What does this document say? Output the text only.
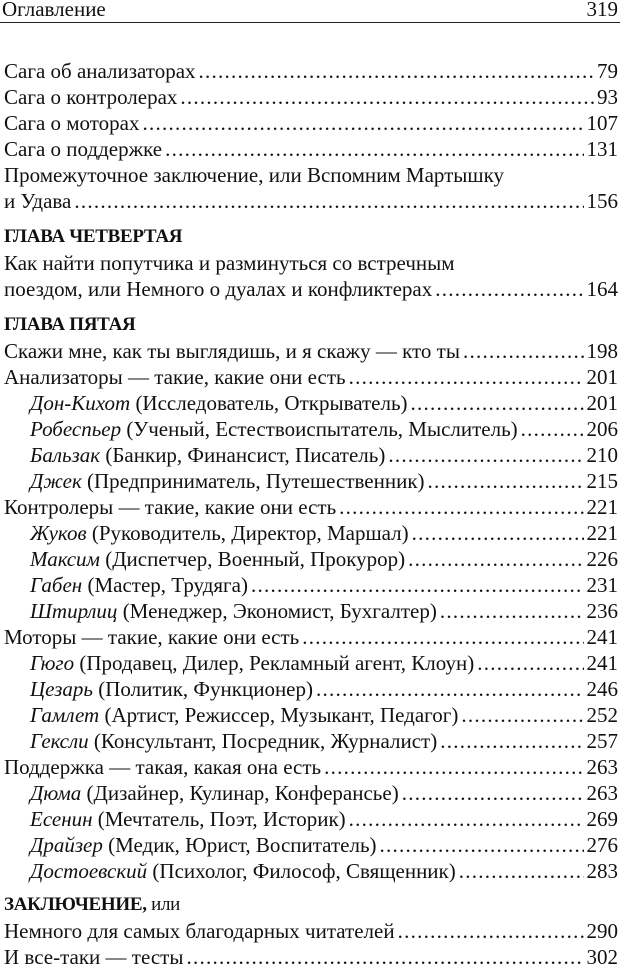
Оглавление	319
Сага об анализаторах . . .	79
Сага о контролерах . . .	93
Сага о моторах . . .	107
Сага о поддержке . . .	131
Промежуточное заключение, или Вспомним Мартышку
и Удава . . .	156
ГЛАВА ЧЕТВЕРТАЯ
Как найти попутчика и разминуться со встречным
поездом, или Немного о дуалах и конфликтерах . . .	164
ГЛАВА ПЯТАЯ
Скажи мне, как ты выглядишь, и я скажу — кто ты . . .	198
Анализаторы — такие, какие они есть . . .	201
Дон-Кихот (Исследователь, Открыватель) . . .	201
Робеспьер (Ученый, Естествоиспытатель, Мыслитель) . . .	206
Бальзак (Банкир, Финансист, Писатель) . . .	210
Джек (Предприниматель, Путешественник) . . .	215
Контролеры — такие, какие они есть . . .	221
Жуков (Руководитель, Директор, Маршал) . . .	221
Максим (Диспетчер, Военный, Прокурор) . . .	226
Габен (Мастер, Трудяга) . . .	231
Штирлиц (Менеджер, Экономист, Бухгалтер) . . .	236
Моторы — такие, какие они есть . . .	241
Гюго (Продавец, Дилер, Рекламный агент, Клоун) . . .	241
Цезарь (Политик, Функционер) . . .	246
Гамлет (Артист, Режиссер, Музыкант, Педагог) . . .	252
Гексли (Консультант, Посредник, Журналист) . . .	257
Поддержка — такая, какая она есть . . .	263
Дюма (Дизайнер, Кулинар, Конферансье) . . .	263
Есенин (Мечтатель, Поэт, Историк) . . .	269
Драйзер (Медик, Юрист, Воспитатель) . . .	276
Достоевский (Психолог, Философ, Священник) . . .	283
ЗАКЛЮЧЕНИЕ, или
Немного для самых благодарных читателей . . .	290
И все-таки — тесты . . .	302
